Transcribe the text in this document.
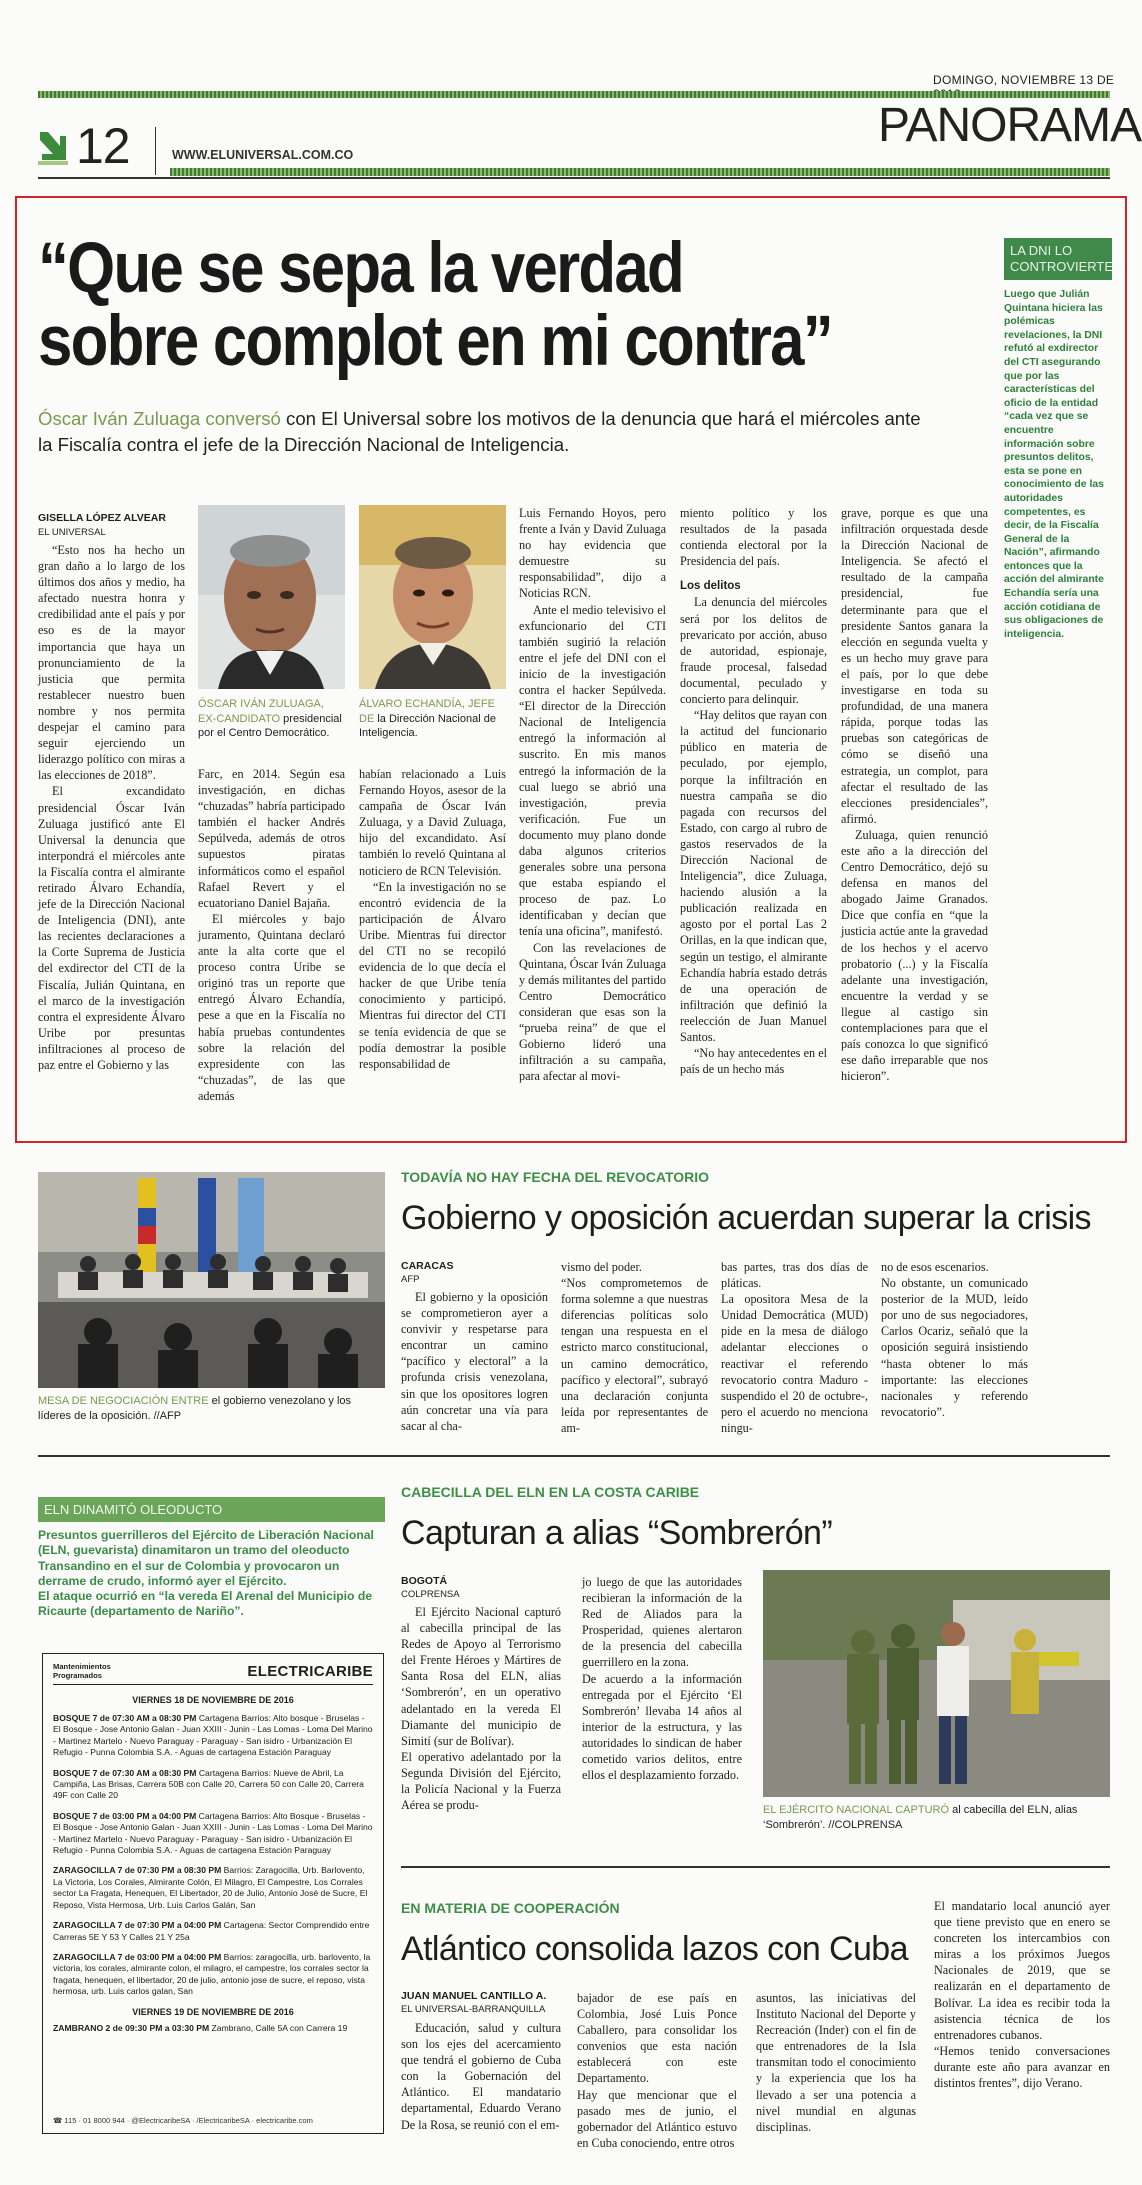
DOMINGO, NOVIEMBRE 13 DE
12	WWW.ELUNIVERSAL.COM.CO
PANORAMA
“Que se sepa la verdad
sobre complot en mi contra”
Óscar Iván Zuluaga conversó con El Universal sobre los motivos de la denuncia que hará el miércoles ante la Fiscalía contra el jefe de la Dirección Nacional de Inteligencia.
GISELLA LÓPEZ ALVEAR
EL UNIVERSAL

“Esto nos ha hecho un gran daño a lo largo de los últimos dos años y medio, ha afectado nuestra honra y credibilidad ante el país y por eso es de la mayor importancia que haya un pronunciamiento de la justicia que permita restablecer nuestro buen nombre y nos permita despejar el camino para seguir ejerciendo un liderazgo político con miras a las elecciones de 2018”.

El excandidato presidencial Óscar Iván Zuluaga justificó ante El Universal la denuncia que interpondrá el miércoles ante la Fiscalía contra el almirante retirado Álvaro Echandía, jefe de la Dirección Nacional de Inteligencia (DNI), ante las recientes declaraciones a la Corte Suprema de Justicia del exdirector del CTI de la Fiscalía, Julián Quintana, en el marco de la investigación contra el expresidente Álvaro Uribe por presuntas infiltraciones al proceso de paz entre el Gobierno y las

ÓSCAR IVÁN ZULUAGA, EX-CANDIDATO presidencial por el Centro Democrático.
ÁLVARO ECHANDÍA, JEFE DE la Dirección Nacional de Inteligencia.

Farc, en 2014. Según esa investigación, en dichas “chuzadas” habría participado también el hacker Andrés Sepúlveda, además de otros supuestos piratas informáticos como el español Rafael Revert y el ecuatoriano Daniel Bajaña.

El miércoles y bajo juramento, Quintana declaró ante la alta corte que el proceso contra Uribe se originó tras un reporte que entregó Álvaro Echandía, pese a que en la Fiscalía no había pruebas contundentes sobre la relación del expresidente con las “chuzadas”, de las que además

habían relacionado a Luis Fernando Hoyos, asesor de la campaña de Óscar Iván Zuluaga, y a David Zuluaga, hijo del excandidato. Así también lo reveló Quintana al noticiero de RCN Televisión.

“En la investigación no se encontró evidencia de la participación de Álvaro Uribe. Mientras fui director del CTI no se recopiló evidencia de lo que decía el hacker de que Uribe tenía conocimiento y participó. Mientras fui director del CTI se tenía evidencia de que se podía demostrar la posible responsabilidad de

Luis Fernando Hoyos, pero frente a Iván y David Zuluaga no hay evidencia que demuestre su responsabilidad”, dijo a Noticias RCN.

Ante el medio televisivo el exfuncionario del CTI también sugirió la relación entre el jefe del DNI con el inicio de la investigación contra el hacker Sepúlveda. “El director de la Dirección Nacional de Inteligencia entregó la información al suscrito. En mis manos entregó la información de la cual luego se abrió una investigación, previa verificación. Fue un documento muy plano donde daba algunos criterios generales sobre una persona que estaba espiando el proceso de paz. Lo identificaban y decían que tenía una oficina”, manifestó.

Con las revelaciones de Quintana, Óscar Iván Zuluaga y demás militantes del partido Centro Democrático consideran que esas son la “prueba reina” de que el Gobierno lideró una infiltración a su campaña, para afectar al movi-

miento político y los resultados de la pasada contienda electoral por la Presidencia del país.

Los delitos

La denuncia del miércoles será por los delitos de prevaricato por acción, abuso de autoridad, espionaje, fraude procesal, falsedad documental, peculado y concierto para delinquir.

“Hay delitos que rayan con la actitud del funcionario público en materia de peculado, por ejemplo, porque la infiltración en nuestra campaña se dio pagada con recursos del Estado, con cargo al rubro de gastos reservados de la Dirección Nacional de Inteligencia”, dice Zuluaga, haciendo alusión a la publicación realizada en agosto por el portal Las 2 Orillas, en la que indican que, según un testigo, el almirante Echandía habría estado detrás de una operación de infiltración que definió la reelección de Juan Manuel Santos.

“No hay antecedentes en el país de un hecho más

grave, porque es que una infiltración orquestada desde la Dirección Nacional de Inteligencia. Se afectó el resultado de la campaña presidencial, fue determinante para que el presidente Santos ganara la elección en segunda vuelta y es un hecho muy grave para el país, por lo que debe investigarse en toda su profundidad, de una manera rápida, porque todas las pruebas son categóricas de cómo se diseñó una estrategia, un complot, para afectar el resultado de las elecciones presidenciales”, afirmó.

Zuluaga, quien renunció este año a la dirección del Centro Democrático, dejó su defensa en manos del abogado Jaime Granados. Dice que confía en “que la justicia actúe ante la gravedad de los hechos y el acervo probatorio (...) y la Fiscalía adelante una investigación, encuentre la verdad y se llegue al castigo sin contemplaciones para que el país conozca lo que significó ese daño irreparable que nos hicieron”.

LA DNI LO CONTROVIERTE
Luego que Julián Quintana hiciera las polémicas revelaciones, la DNI refutó al exdirector del CTI asegurando que por las características del oficio de la entidad “cada vez que se encuentre información sobre presuntos delitos, esta se pone en conocimiento de las autoridades competentes, es decir, de la Fiscalía General de la Nación”, afirmando entonces que la acción del almirante Echandía sería una acción cotidiana de sus obligaciones de inteligencia.
MESA DE NEGOCIACIÓN ENTRE el gobierno venezolano y los líderes de la oposición. //AFP
TODAVÍA NO HAY FECHA DEL REVOCATORIO
Gobierno y oposición acuerdan superar la crisis
CARACAS
AFP

El gobierno y la oposición se comprometieron ayer a convivir y respetarse para encontrar un camino “pacífico y electoral” a la profunda crisis venezolana, sin que los opositores logren aún concretar una vía para sacar al cha-

vismo del poder.
“Nos comprometemos de forma solemne a que nuestras diferencias políticas solo tengan una respuesta en el estricto marco constitucional, un camino democrático, pacífico y electoral”, subrayó una declaración conjunta leída por representantes de am-

bas partes, tras dos días de pláticas.
La opositora Mesa de la Unidad Democrática (MUD) pide en la mesa de diálogo adelantar elecciones o reactivar el referendo revocatorio contra Maduro -suspendido el 20 de octubre-, pero el acuerdo no menciona ningu-

no de esos escenarios.
No obstante, un comunicado posterior de la MUD, leído por uno de sus negociadores, Carlos Ocariz, señaló que la oposición seguirá insistiendo “hasta obtener lo más importante: las elecciones nacionales y referendo revocatorio”.

ELN DINAMITÓ OLEODUCTO
Presuntos guerrilleros del Ejército de Liberación Nacional (ELN, guevarista) dinamitaron un tramo del oleoducto Transandino en el sur de Colombia y provocaron un derrame de crudo, informó ayer el Ejército.
El ataque ocurrió en “la vereda El Arenal del Municipio de Ricaurte (departamento de Nariño”.
Mantenimientos
Programados	ELECTRICARIBE
VIERNES 18 DE NOVIEMBRE DE 2016
BOSQUE 7 de 07:30 AM a 08:30 PM Cartagena Barrios: Alto bosque - Bruselas - El Bosque - Jose Antonio Galan - Juan XXIII - Junin - Las Lomas - Loma Del Marino - Martinez Martelo - Nuevo Paraguay - Paraguay - San isidro - Urbanización El Refugio - Punna Colombia S.A. - Aguas de cartagena Estación Paraguay
BOSQUE 7 de 07:30 AM a 08:30 PM Cartagena Barrios: Nueve de Abril, La Campiña, Las Brisas, Carrera 50B con Calle 20, Carrera 50 con Calle 20, Carrera 49F con Calle 20
BOSQUE 7 de 03:00 PM a 04:00 PM Cartagena Barrios: Alto Bosque - Bruselas - El Bosque - Jose Antonio Galan - Juan XXIII - Junin - Las Lomas - Loma Del Marino - Martinez Martelo - Nuevo Paraguay - Paraguay - San isidro - Urbanización El Refugio - Punna Colombia S.A. - Aguas de cartagena Estación Paraguay
ZARAGOCILLA 7 de 07:30 PM a 08:30 PM Barrios: Zaragocilla, Urb. Barlovento, La Victoria, Los Corales, Almirante Colón, El Milagro, El Campestre, Los Corrales sector La Fragata, Henequen, El Libertador, 20 de Julio, Antonio José de Sucre, El Reposo, Vista Hermosa, Urb. Luis Carlos Galán, San
ZARAGOCILLA 7 de 07:30 PM a 04:00 PM Cartagena: Sector Comprendido entre Carreras 5E Y 53 Y Calles 21 Y 25a
ZARAGOCILLA 7 de 03:00 PM a 04:00 PM Barrios: zaragocilla, urb. barlovento, la victoria, los corales, almirante colon, el milagro, el campestre, los corrales sector la fragata, henequen, el libertador, 20 de julio, antonio jose de sucre, el reposo, vista hermosa, urb. Luis carlos galan, San
VIERNES 19 DE NOVIEMBRE DE 2016
ZAMBRANO 2 de 09:30 PM a 03:30 PM Zambrano, Calle 5A con Carrera 19
☎ 115 · 01 8000 944 · @ElectricaribeSA · /ElectricaribeSA · electricaribe.com
CABECILLA DEL ELN EN LA COSTA CARIBE
Capturan a alias “Sombrerón”
BOGOTÁ
COLPRENSA

El Ejército Nacional capturó al cabecilla principal de las Redes de Apoyo al Terrorismo del Frente Héroes y Mártires de Santa Rosa del ELN, alias ‘Sombrerón’, en un operativo adelantado en la vereda El Diamante del municipio de Simití (sur de Bolívar).
El operativo adelantado por la Segunda División del Ejército, la Policía Nacional y la Fuerza Aérea se produ-

jo luego de que las autoridades recibieran la información de la Red de Aliados para la Prosperidad, quienes alertaron de la presencia del cabecilla guerrillero en la zona.
De acuerdo a la información entregada por el Ejército ‘El Sombrerón’ llevaba 14 años al interior de la estructura, y las autoridades lo sindican de haber cometido varios delitos, entre ellos el desplazamiento forzado.

EL EJÉRCITO NACIONAL CAPTURÓ al cabecilla del ELN, alias ‘Sombrerón’. //COLPRENSA
EN MATERIA DE COOPERACIÓN
Atlántico consolida lazos con Cuba
JUAN MANUEL CANTILLO A.
EL UNIVERSAL-BARRANQUILLA

Educación, salud y cultura son los ejes del acercamiento que tendrá el gobierno de Cuba con la Gobernación del Atlántico. El mandatario departamental, Eduardo Verano De la Rosa, se reunió con el em-

bajador de ese país en Colombia, José Luis Ponce Caballero, para consolidar los convenios que esta nación establecerá con este Departamento.
Hay que mencionar que el pasado mes de junio, el gobernador del Atlántico estuvo en Cuba conociendo, entre otros

asuntos, las iniciativas del Instituto Nacional del Deporte y Recreación (Inder) con el fin de que entrenadores de la Isla transmitan todo el conocimiento y la experiencia que los ha llevado a ser una potencia a nivel mundial en algunas disciplinas.

El mandatario local anunció ayer que tiene previsto que en enero se concreten los intercambios con miras a los próximos Juegos Nacionales de 2019, que se realizarán en el departamento de Bolívar. La idea es recibir toda la asistencia técnica de los entrenadores cubanos.
“Hemos tenido conversaciones durante este año para avanzar en distintos frentes”, dijo Verano.
